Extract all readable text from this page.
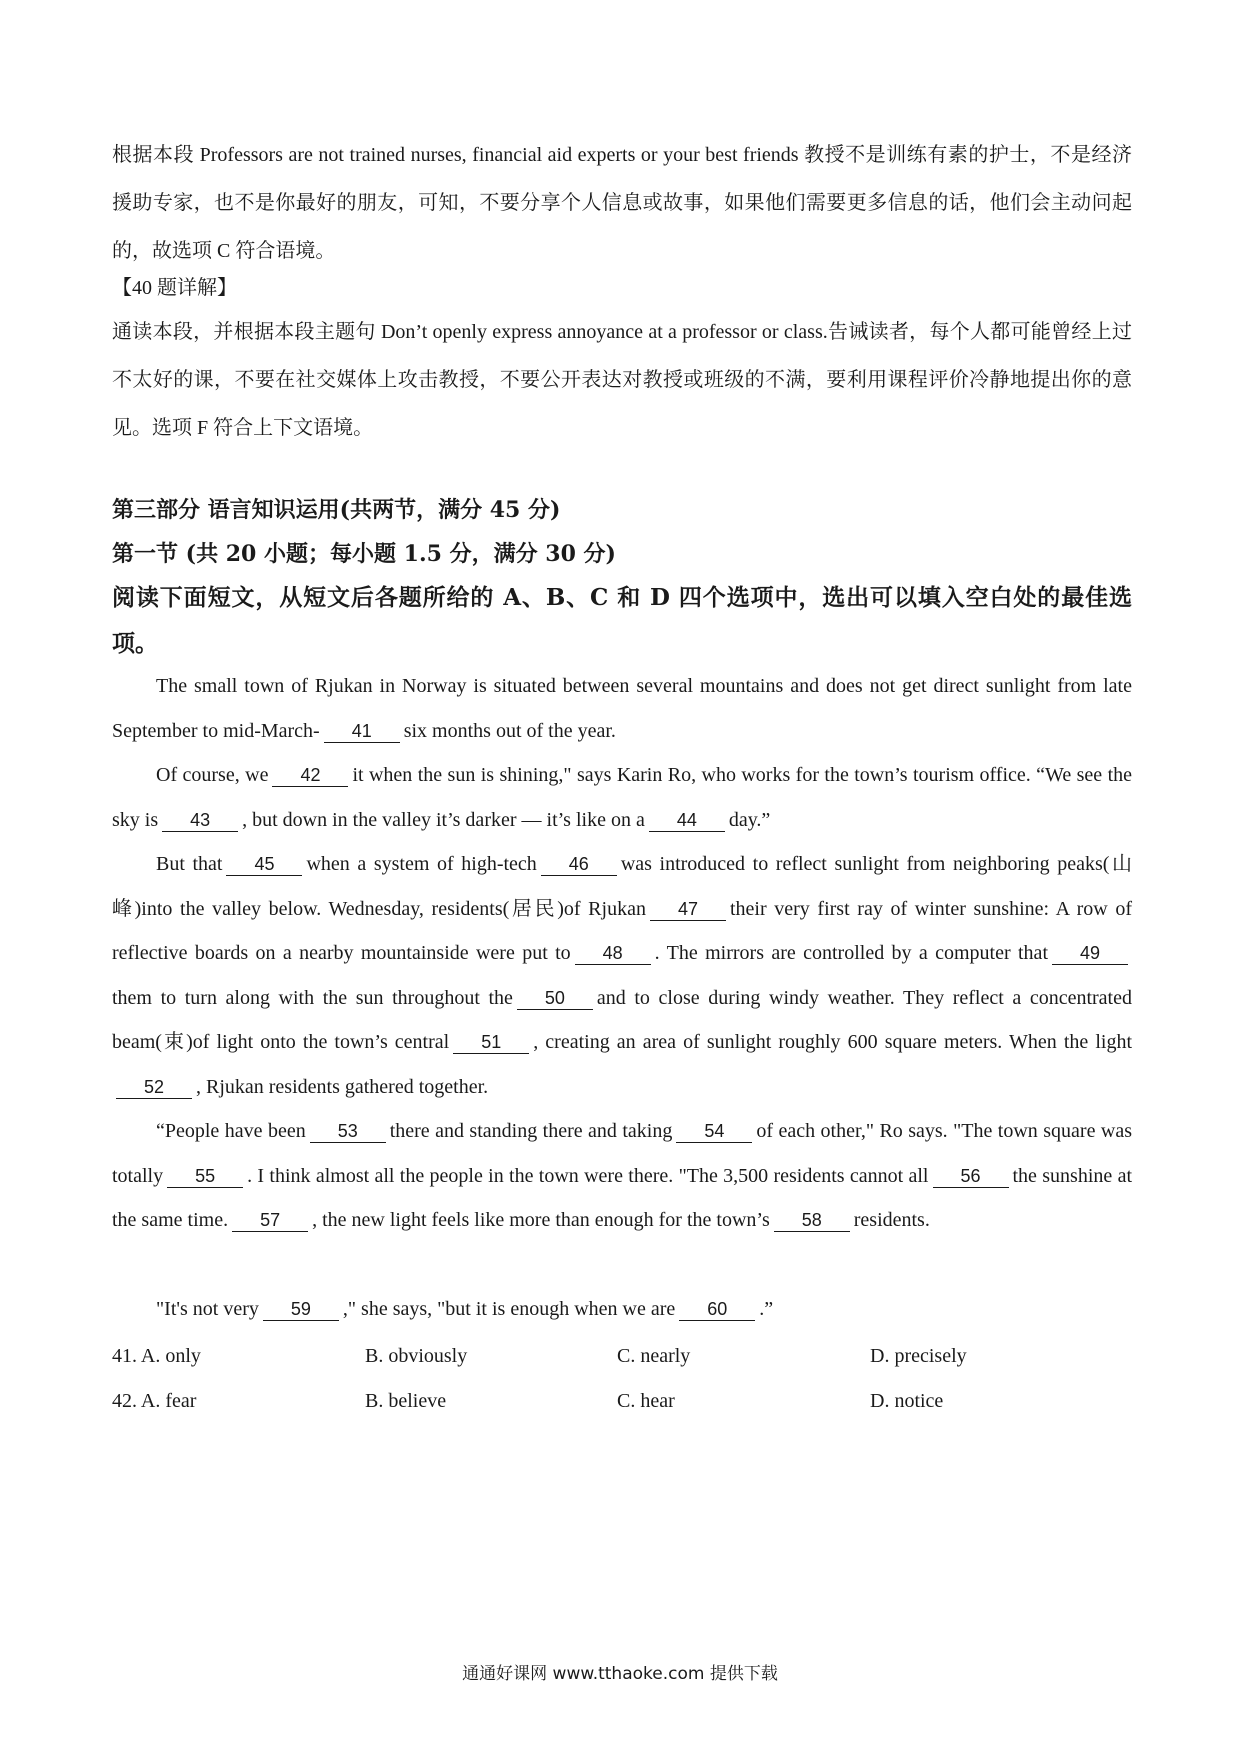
根据本段 Professors are not trained nurses, financial aid experts or your best friends 教授不是训练有素的护士，不是经济援助专家，也不是你最好的朋友，可知，不要分享个人信息或故事，如果他们需要更多信息的话，他们会主动问起的，故选项 C 符合语境。

【40 题详解】

通读本段，并根据本段主题句 Don’t openly express annoyance at a professor or class.告诫读者，每个人都可能曾经上过不太好的课，不要在社交媒体上攻击教授，不要公开表达对教授或班级的不满，要利用课程评价冷静地提出你的意见。选项 F 符合上下文语境。

第三部分 语言知识运用(共两节，满分 45 分)

第一节 (共 20 小题；每小题 1.5 分，满分 30 分)

阅读下面短文，从短文后各题所给的 A、B、C 和 D 四个选项中，选出可以填入空白处的最佳选项。

The small town of Rjukan in Norway is situated between several mountains and does not get direct sunlight from late September to mid-March- 41 six months out of the year.

Of course, we 42 it when the sun is shining," says Karin Ro, who works for the town’s tourism office. “We see the sky is 43 , but down in the valley it’s darker — it’s like on a 44 day.”

But that 45 when a system of high-tech 46 was introduced to reflect sunlight from neighboring peaks(山峰)into the valley below. Wednesday, residents(居民)of Rjukan 47 their very first ray of winter sunshine: A row of reflective boards on a nearby mountainside were put to 48 . The mirrors are controlled by a computer that 49them to turn along with the sun throughout the 50 and to close during windy weather. They reflect a concentrated beam(束)of light onto the town’s central 51 , creating an area of sunlight roughly 600 square meters. When the light52 , Rjukan residents gathered together.

“People have been 53 there and standing there and taking 54 of each other," Ro says. "The town square was totally 55 . I think almost all the people in the town were there. "The 3,500 residents cannot all 56 the sunshine at the same time. 57 , the new light feels like more than enough for the town’s 58 residents.

"It's not very 59 ," she says, "but it is enough when we are 60 .”

41. A. only	B. obviously	C. nearly	D. precisely
42. A. fear	B. believe	C. hear	D. notice
通通好课网 www.tthaoke.com 提供下载
